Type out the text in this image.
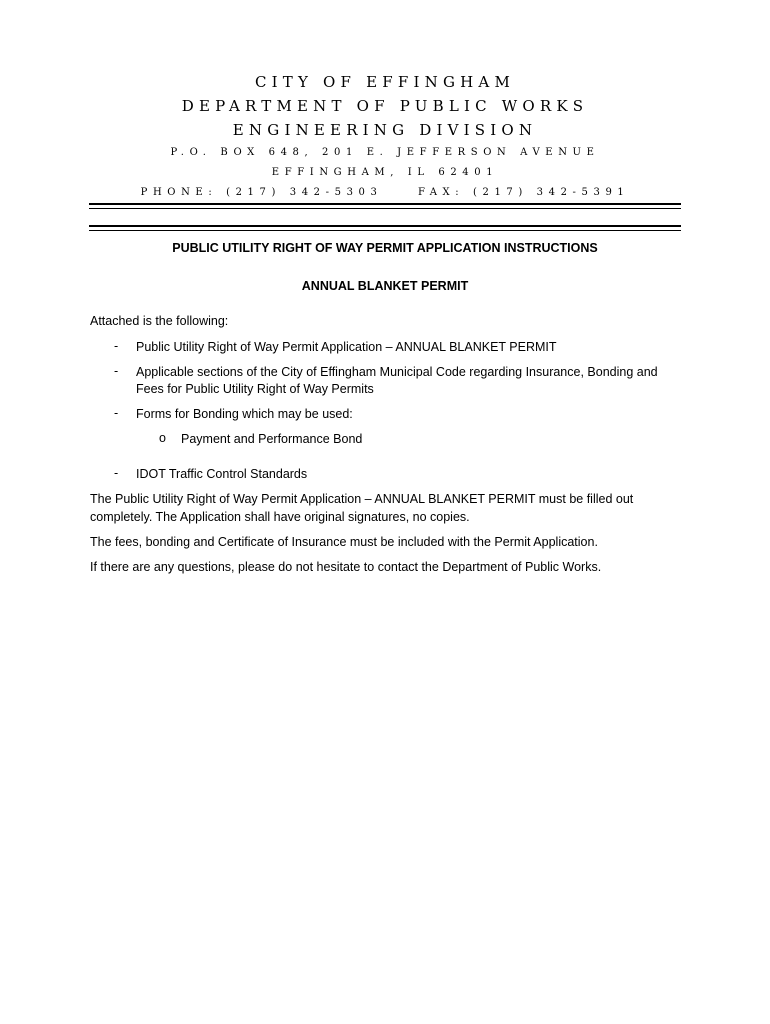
CITY OF EFFINGHAM
DEPARTMENT OF PUBLIC WORKS
ENGINEERING DIVISION
P.O. BOX 648, 201 E. JEFFERSON AVENUE
EFFINGHAM, IL 62401
PHONE: (217) 342-5303	FAX: (217) 342-5391
PUBLIC UTILITY RIGHT OF WAY PERMIT APPLICATION INSTRUCTIONS
ANNUAL BLANKET PERMIT
Attached is the following:
- Public Utility Right of Way Permit Application – ANNUAL BLANKET PERMIT
- Applicable sections of the City of Effingham Municipal Code regarding Insurance, Bonding and
Fees for Public Utility Right of Way Permits
- Forms for Bonding which may be used:
o Payment and Performance Bond
- IDOT Traffic Control Standards
The Public Utility Right of Way Permit Application – ANNUAL BLANKET PERMIT must be filled out
completely. The Application shall have original signatures, no copies.
The fees, bonding and Certificate of Insurance must be included with the Permit Application.
If there are any questions, please do not hesitate to contact the Department of Public Works.
